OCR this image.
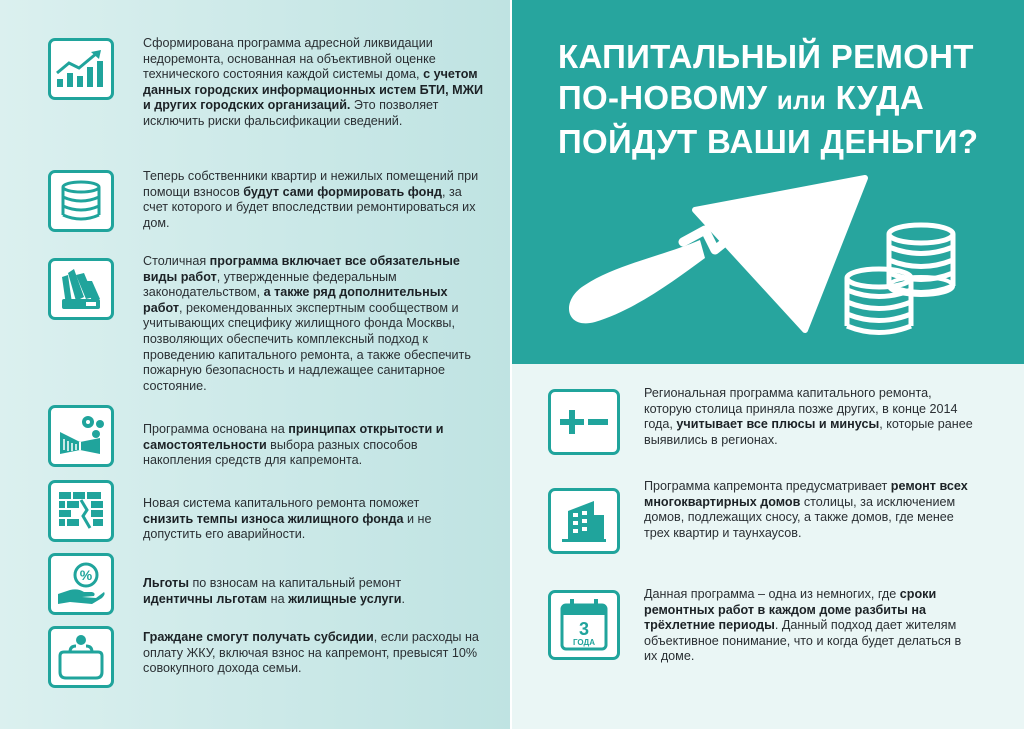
КАПИТАЛЬНЫЙ РЕМОНТ
ПО-НОВОМУ или КУДА
ПОЙДУТ ВАШИ ДЕНЬГИ?
%

Сформирована программа адресной ликвидации недоремонта, основанная на объективной оценке технического состояния каждой системы дома, с учетом данных городских информационных истем БТИ, МЖИ и других городских организаций. Это позволяет исключить риски фальсификации сведений.

Теперь собственники квартир и нежилых помещений при помощи взносов будут сами формировать фонд, за счет которого и будет впоследствии ремонтироваться их дом.

Столичная программа включает все обязательные виды работ, утвержденные федеральным законодательством, а также ряд дополнительных работ, рекомендованных экспертным сообществом и учитывающих специфику жилищного фонда Москвы, позволяющих обеспечить комплексный подход к проведению капитального ремонта, а также обеспечить пожарную безопасность и надлежащее санитарное состояние.

Программа основана на принципах открытости и самостоятельности выбора разных способов накопления средств для капремонта.

Новая система капитального ремонта поможет снизить темпы износа жилищного фонда и не допустить его аварийности.

Льготы по взносам на капитальный ремонт идентичны льготам на жилищные услуги.

Граждане смогут получать субсидии, если расходы на оплату ЖКУ, включая взнос на капремонт, превысят 10% совокупного дохода семьи.

3
ГОДА

Региональная программа капитального ремонта, которую столица приняла позже других, в конце 2014 года, учитывает все плюсы и минусы, которые ранее выявились в регионах.

Программа капремонта предусматривает ремонт всех многоквартирных домов столицы, за исключением домов, подлежащих сносу, а также домов, где менее трех квартир и таунхаусов.

Данная программа – одна из немногих, где сроки ремонтных работ в каждом доме разбиты на трёхлетние периоды. Данный подход дает жителям объективное понимание, что и когда будет делаться в их доме.
